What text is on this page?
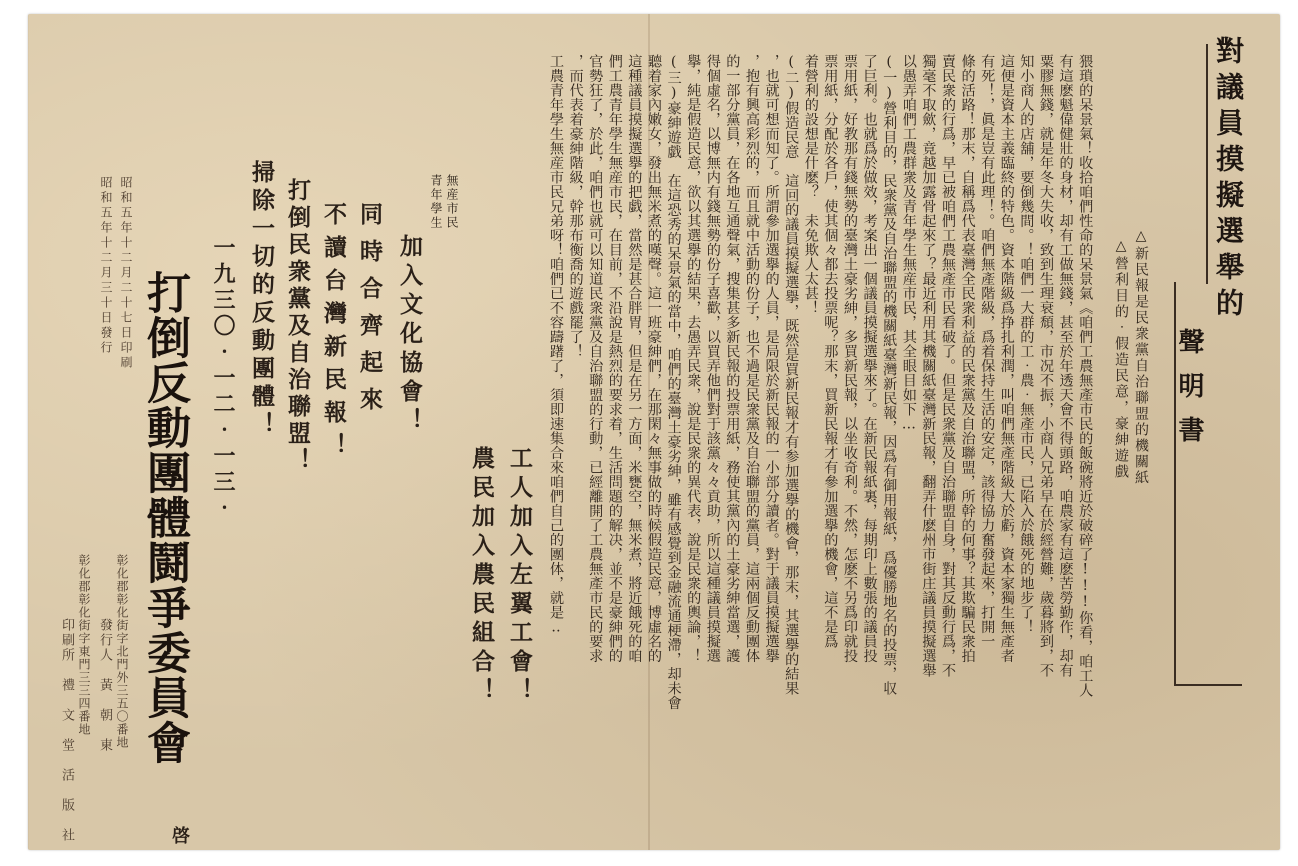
對議員摸擬選舉的
聲明書
△新民報是民衆黨自治聯盟的機關紙
△營利目的‧假造民意，豪紳遊戲
猥瑣的呆景氣！收拾咱們性命的呆景氣《咱們工農無產市民的飯碗將近於破碎了!!!你看，咱工人
有這麽魁偉健壯的身材，却有工做無錢，甚至於年透天會不得頭路，咱農家有這麽苦勞勤作，却有
粟膠無錢，就是年冬大失收，致到生理衰頹，市况不振，小商人兄弟早在於經營難，歲暮將到，不
知小商人的店舖，要倒幾間。！咱們一大群的工‧農‧無產市民，已陷入於餓死的地步了！
這便是資本主義臨終的特色。資本階級爲挣扎利潤，叫咱們無產階級大於虧，資本家獨生無產者
有死！，眞是豈有此理！。咱們無產階級，爲着保持生活的安定，該得協力奮發起來，打開一
條的活路！那末，自稱爲代表臺灣全民衆利益的民衆黨及自治聯盟，所幹的何事？其欺騙民衆拍
賣民衆的行爲，早已被咱們工農無產市民看破了。但是民衆黨及自治聯盟自身，對其反動行爲，不
獨毫不取歛，竟越加露骨起來了？最近利用其機關紙臺灣新民報，翻弄什麽州市街庄議員摸擬選舉
以愚弄咱們工農群衆及青年學生無産市民，其全眼目如下…
(一)營利目的，民衆黨及自治聯盟的機關紙臺灣新民報，因爲有御用報紙，爲優勝地名的投票，収
了巨利。也就爲於做效，考案出一個議員摸擬選擧來了。在新民報紙裏，每期印上數張的議員投
票用紙，好教那有錢無勢的臺灣土豪劣紳，多買新民報，以坐收奇利。不然，怎麽不另爲印就投
票用紙，分配於各戶，使其個々都去投票呢？那末，買新民報才有參加選擧的機會，這不是爲
着營利的設想是什麽？　未免欺人太甚！
(二)假造民意　這回的議員摸擬選擧，既然是買新民報才有参加選擧的機會，那末，其選擧的結果
，也就可想而知了。所謂參加選擧的人員，是局限於新民報的一小部分讀者。對于議員摸擬選擧
，抱有興高彩烈的，而且就中活動的份子，也不過是民衆黨及自治聯盟的黨員，這兩個反動團体
的一部分黨員，在各地互通聲氣，搜集甚多新民報的投票用紙，務使其黨內的土豪劣紳當選，護
得個虛名，以博無内有錢無勢的份子喜歡，以買弄他們對于該黨々々貢助，所以這種議員摸擬選
擧，純是假造民意，欲以其選擧的結果，去愚弄民衆，說是民衆的異代表，說是民衆的輿論，！
(三)豪紳遊戯　在這恐秀的呆景氣的當中，咱們的臺灣土豪劣紳，雖有感覺到金融流通梗滯，却未會
聽着家內嫩女，發出無米煮的嘆聲。這一班豪紳們，在那閑々無事做的時候假造民意，博虛名的
這種議員摸擬選擧的把戯，當然是甚合胖胃，但是在另一方面，米甕空，無米煮，將近餓死的咱
們工農青年學生無産市民，在目前，不沿說是熱烈的要求着，生活問題的解决，並不是豪紳們的
官勢狂了，於此，咱們也就可以知道民衆黨及自治聯盟的行動，已經離開了工農無產市民的要求
，而代表着豪紳階級，幹那布衡喬的遊戲罷了！
工農青年學生無産市民兄弟呀！咱們已不容躊躇了，須即速集合來咱們自己的團体，就是‥
工人加入左翼工會！
農民加入農民組合！
無産市民
青年學生
加入文化協會！
同時合齊起來
不讀台灣新民報！
打倒民衆黨及自治聯盟！
掃除一切的反動團體！
一九三〇‧一二‧一三‧
打倒反動團體鬪爭委員會
啓
昭和五年十二月二十七日印刷
昭和五年十二月三十日發行
彰化郡彰化街字北門外三五〇番地
發行人　黃　朝　東
彰化郡彰化街字東門三三四番地
印刷所　禮　文　堂　活　版　社
